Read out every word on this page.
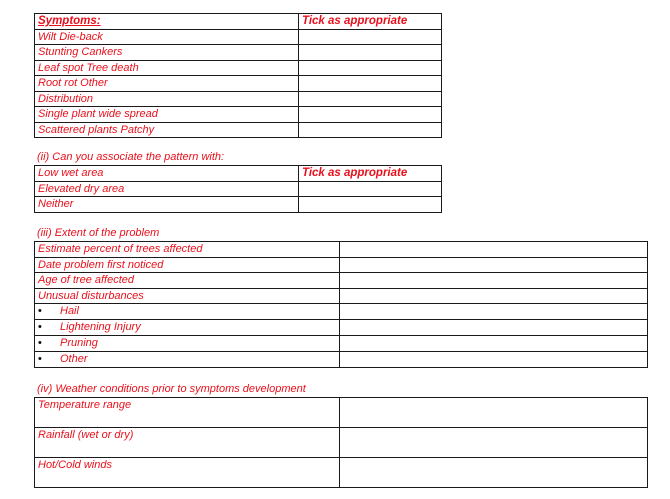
Symptoms:	Tick as appropriate
Wilt Die-back	
Stunting Cankers	
Leaf spot Tree death	
Root rot Other	
Distribution	
Single plant wide spread	
Scattered plants Patchy	
(ii) Can you associate the pattern with:
Low wet area	Tick as appropriate
Elevated dry area	
Neither	
(iii) Extent of the problem
Estimate percent of trees affected	
Date problem first noticed	
Age of tree affected	
Unusual disturbances	
• Hail	
• Lightening Injury	
• Pruning	
• Other	
(iv) Weather conditions prior to symptoms development
Temperature range	
Rainfall (wet or dry)	
Hot/Cold winds	
